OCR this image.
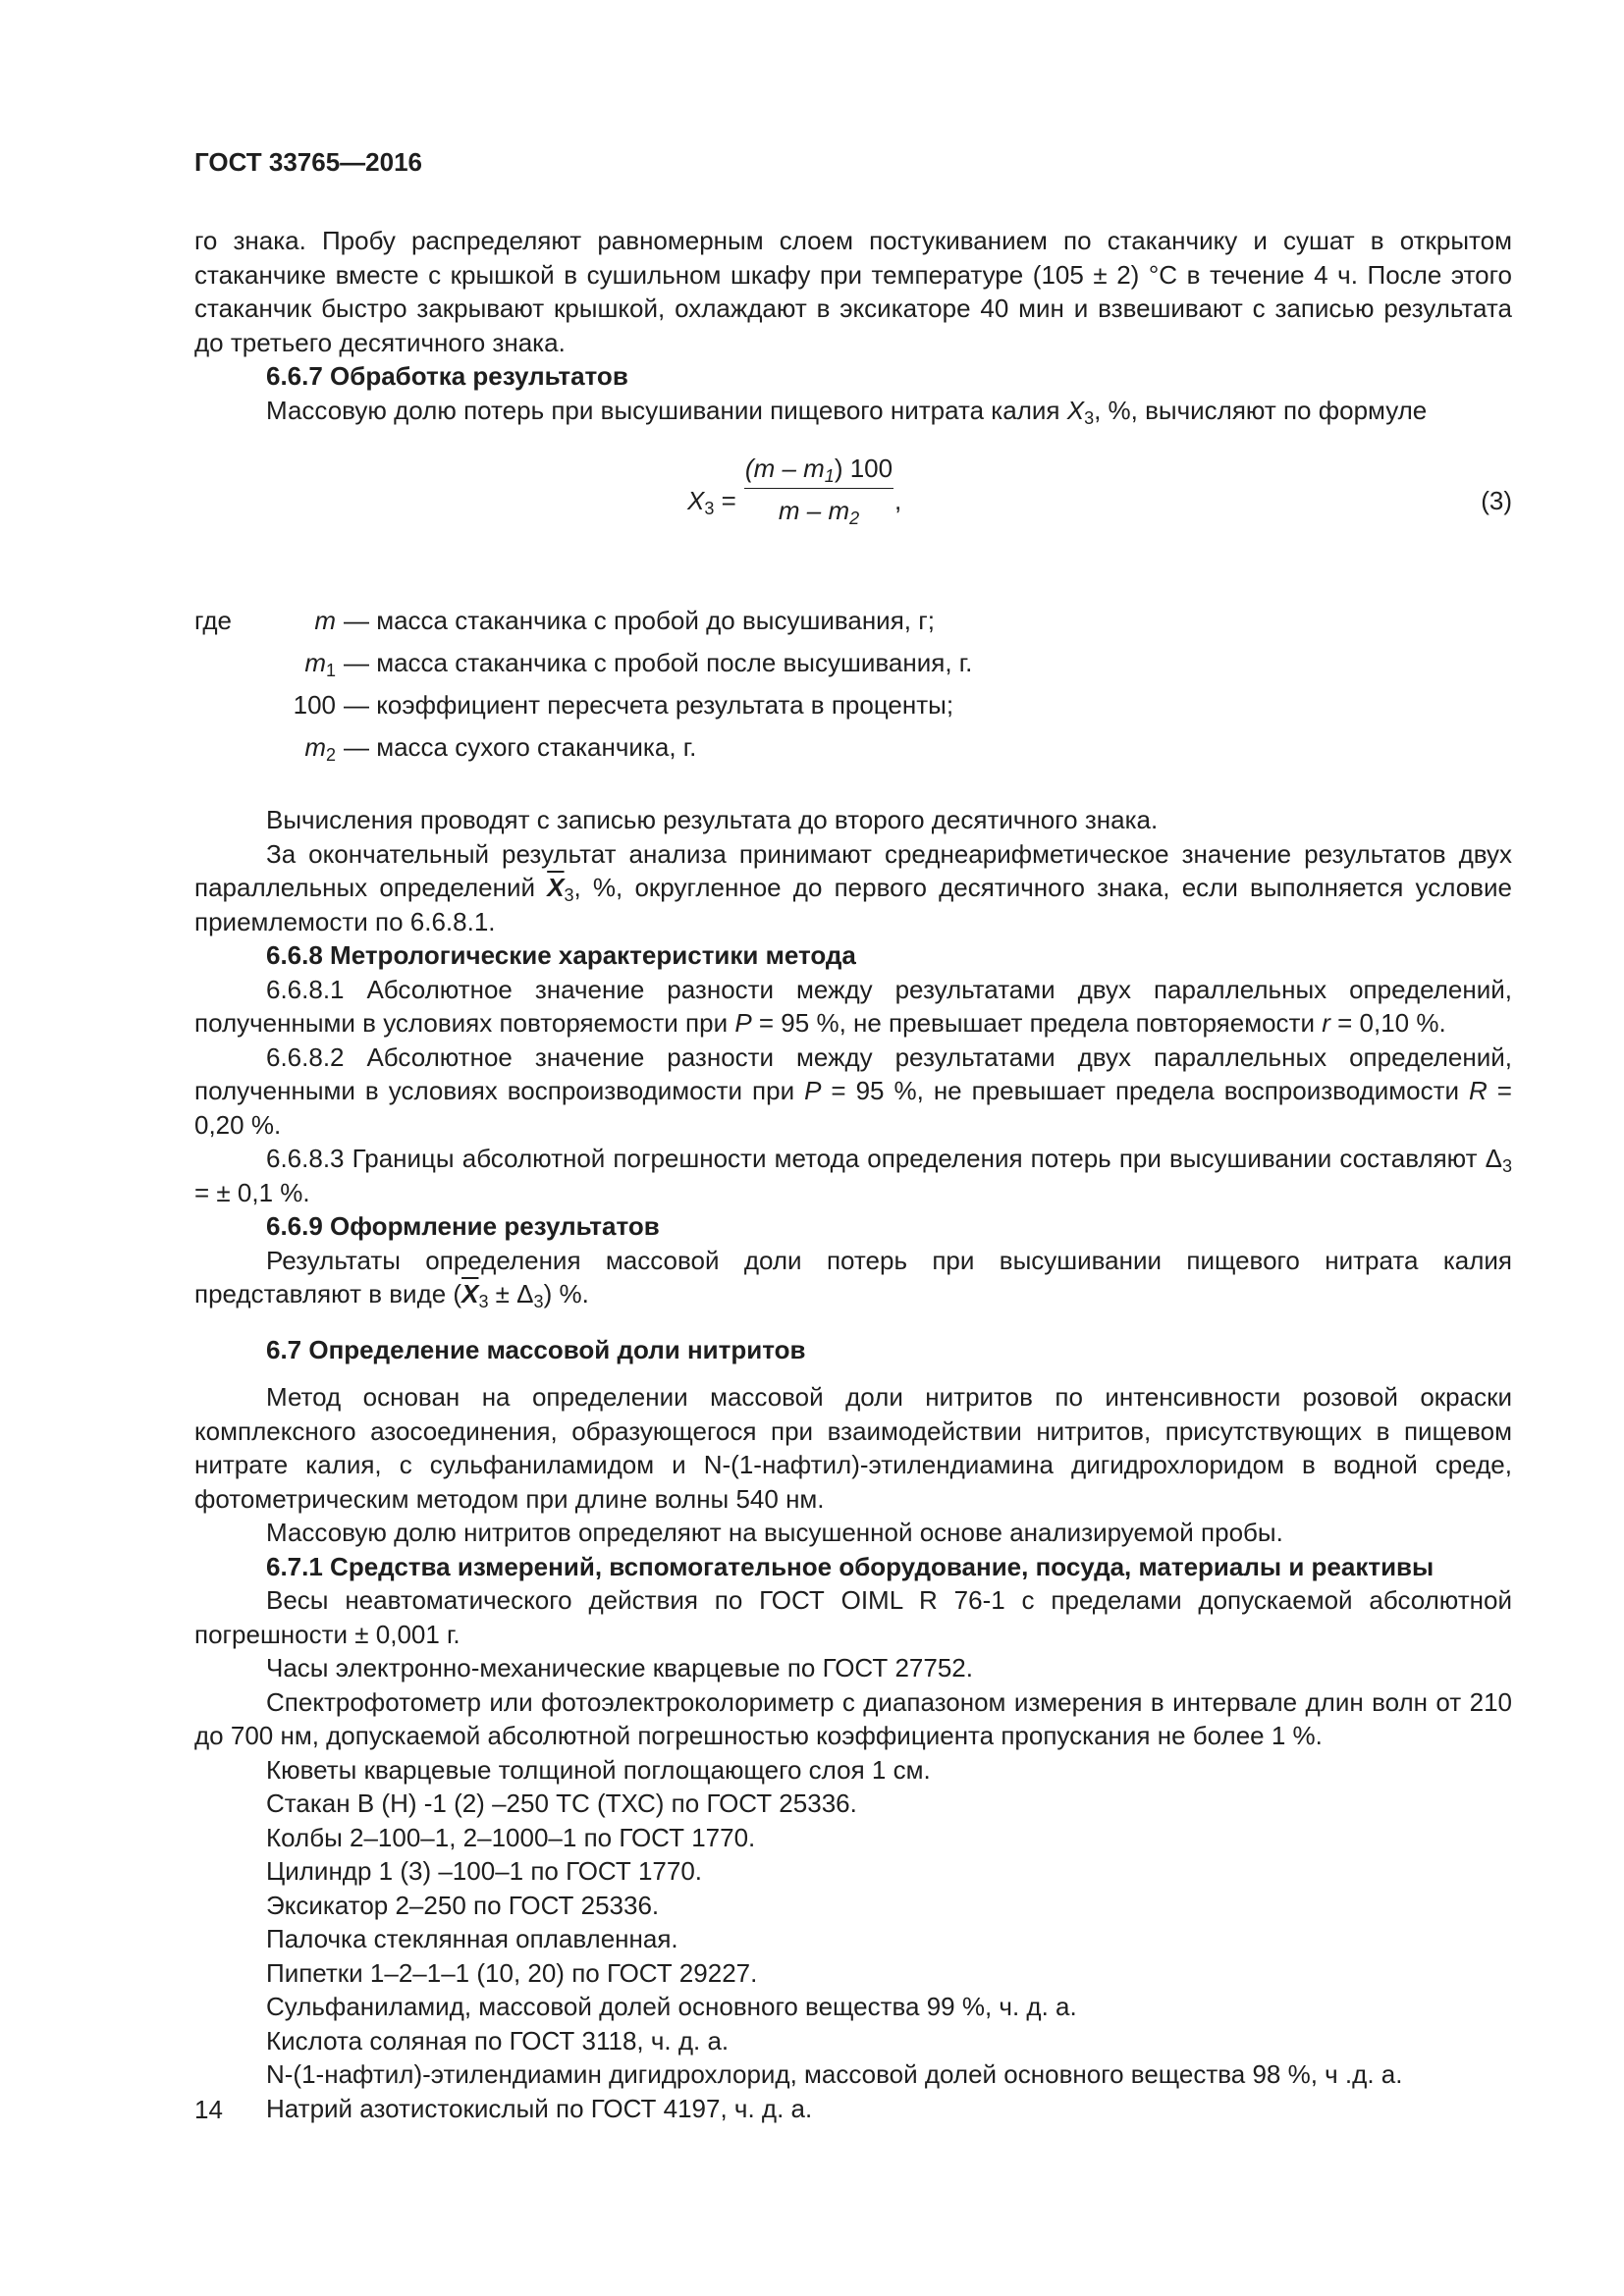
ГОСТ 33765—2016

го знака. Пробу распределяют равномерным слоем постукиванием по стаканчику и сушат в открытом стаканчике вместе с крышкой в сушильном шкафу при температуре (105 ± 2) °С в течение 4 ч. После этого стаканчик быстро закрывают крышкой, охлаждают в эксикаторе 40 мин и взвешивают с записью результата до третьего десятичного знака.

6.6.7 Обработка результатов

Массовую долю потерь при высушивании пищевого нитрата калия $X_3$, %, вычисляют по формуле

$X_3$ =
$(m - m_1)$ 100
m – $m_2$
,	(3)
где	m	— масса стаканчика с пробой до высушивания, г;
	$m_1$	— масса стаканчика с пробой после высушивания, г.
	100	— коэффициент пересчета результата в проценты;
	$m_2$	— масса сухого стаканчика, г.

Вычисления проводят с записью результата до второго десятичного знака.

За окончательный результат анализа принимают среднеарифметическое значение результатов двух параллельных определений $\overline{X}_3$, %, округленное до первого десятичного знака, если выполняется условие приемлемости по 6.6.8.1.

6.6.8 Метрологические характеристики метода

6.6.8.1 Абсолютное значение разности между результатами двух параллельных определений, полученными в условиях повторяемости при P = 95 %, не превышает предела повторяемости r = 0,10 %.

6.6.8.2 Абсолютное значение разности между результатами двух параллельных определений, полученными в условиях воспроизводимости при P = 95 %, не превышает предела воспроизводимости R = 0,20 %.

6.6.8.3 Границы абсолютной погрешности метода определения потерь при высушивании составляют $\Delta_3$ = ± 0,1 %.

6.6.9 Оформление результатов

Результаты определения массовой доли потерь при высушивании пищевого нитрата калия представляют в виде $(\overline{X}_3 \pm \Delta_3)$ %.

6.7 Определение массовой доли нитритов

Метод основан на определении массовой доли нитритов по интенсивности розовой окраски комплексного азосоединения, образующегося при взаимодействии нитритов, присутствующих в пищевом нитрате калия, с сульфаниламидом и N-(1-нафтил)-этилендиамина дигидрохлоридом в водной среде, фотометрическим методом при длине волны 540 нм.

Массовую долю нитритов определяют на высушенной основе анализируемой пробы.

6.7.1 Средства измерений, вспомогательное оборудование, посуда, материалы и реактивы

Весы неавтоматического действия по ГОСТ OIML R 76-1 с пределами допускаемой абсолютной погрешности ± 0,001 г.

Часы электронно-механические кварцевые по ГОСТ 27752.

Спектрофотометр или фотоэлектроколориметр с диапазоном измерения в интервале длин волн от 210 до 700 нм, допускаемой абсолютной погрешностью коэффициента пропускания не более 1 %.

Кюветы кварцевые толщиной поглощающего слоя 1 см.

Стакан В (Н) -1 (2) –250 ТС (ТХС) по ГОСТ 25336.

Колбы 2–100–1, 2–1000–1 по ГОСТ 1770.

Цилиндр 1 (3) –100–1 по ГОСТ 1770.

Эксикатор 2–250 по ГОСТ 25336.

Палочка стеклянная оплавленная.

Пипетки 1–2–1–1 (10, 20) по ГОСТ 29227.

Сульфаниламид, массовой долей основного вещества 99 %, ч. д. а.

Кислота соляная по ГОСТ 3118, ч. д. а.

N-(1-нафтил)-этилендиамин дигидрохлорид, массовой долей основного вещества 98 %, ч .д. а.

Натрий азотистокислый по ГОСТ 4197, ч. д. а.

14
